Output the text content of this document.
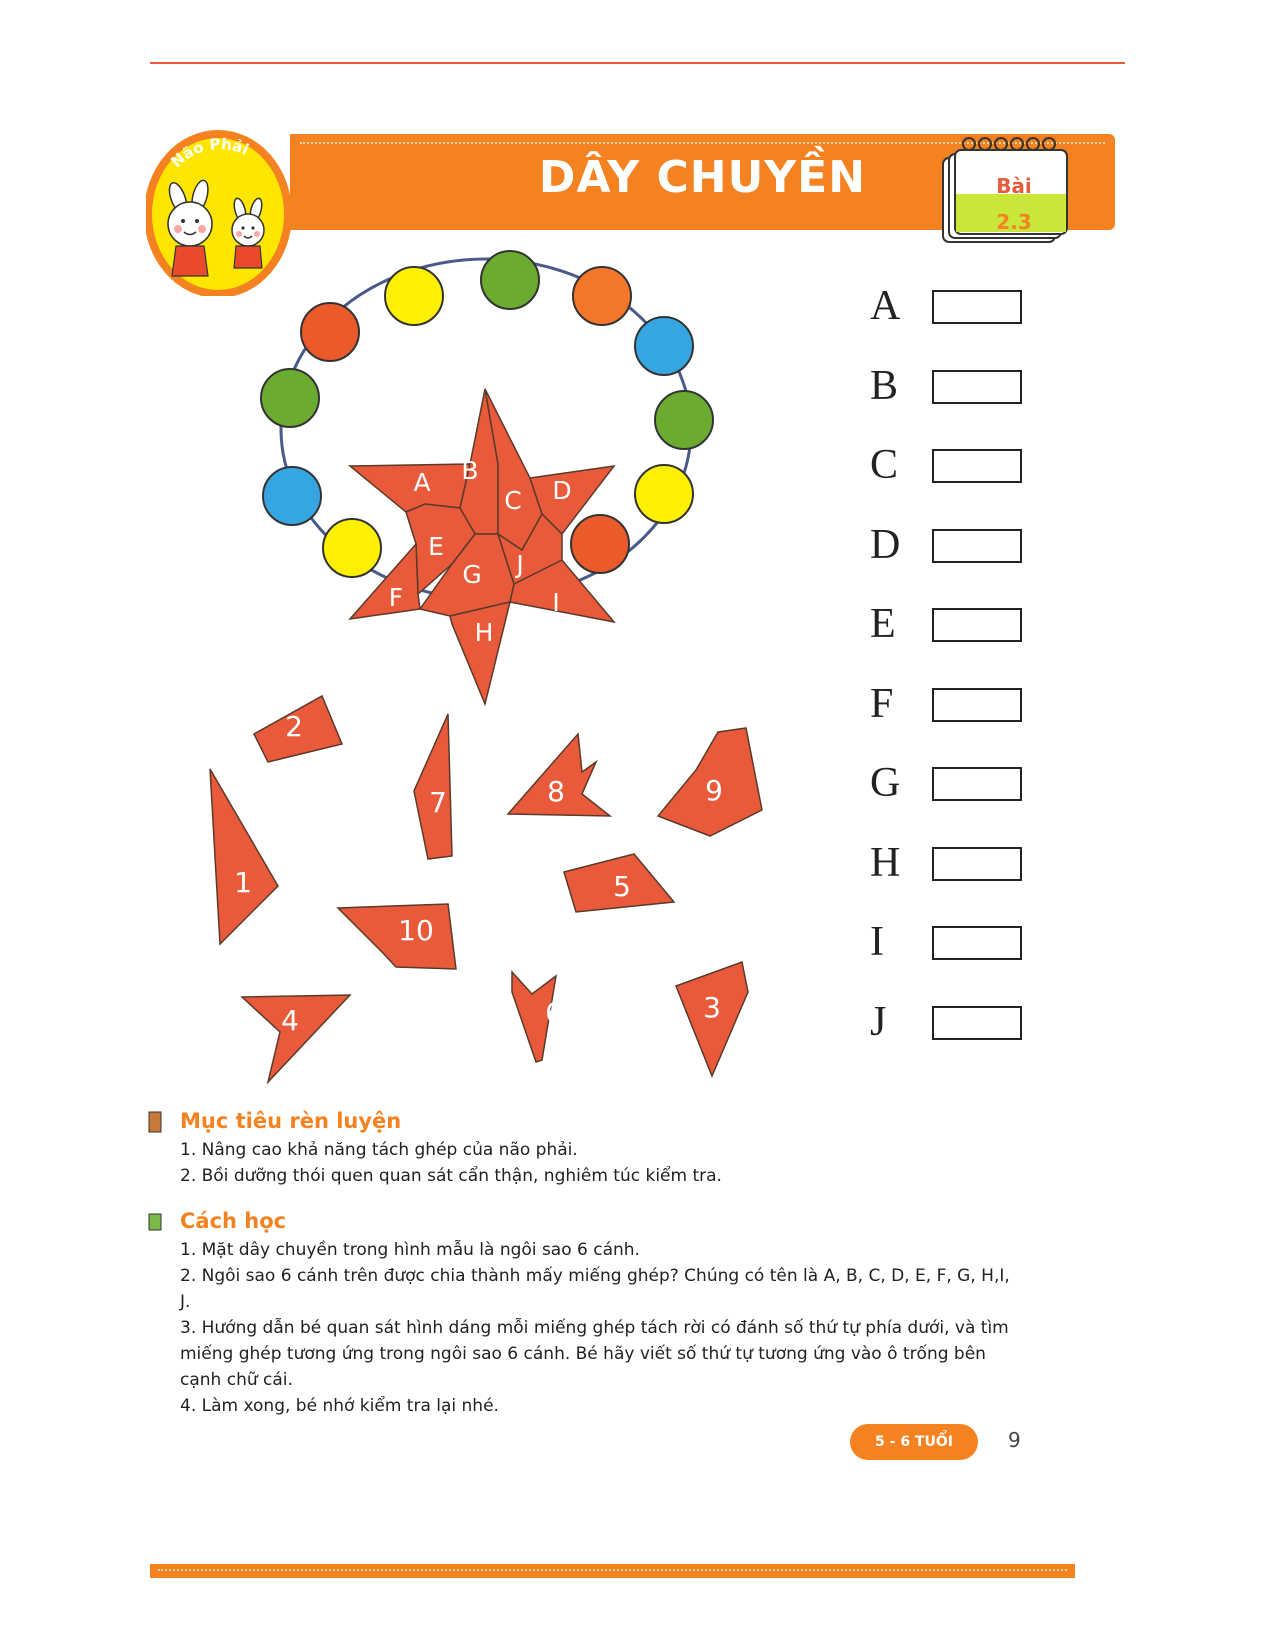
DÂY CHUYỀN
Não Phải
Bài
2.3
A B
C D
E
F
G
H
I
J
2
7	8	9
1	5
10
6
4	3
A
B
C
D
E
F
G
H
I
J
Mục tiêu rèn luyện

1. Nâng cao khả năng tách ghép của não phải.

2. Bồi dưỡng thói quen quan sát cẩn thận, nghiêm túc kiểm tra.

Cách học

1. Mặt dây chuyền trong hình mẫu là ngôi sao 6 cánh.

2. Ngôi sao 6 cánh trên được chia thành mấy miếng ghép? Chúng có tên là A, B, C, D, E, F, G, H,I, J.

3. Hướng dẫn bé quan sát hình dáng mỗi miếng ghép tách rời có đánh số thứ tự phía dưới, và tìm miếng ghép tương ứng trong ngôi sao 6 cánh. Bé hãy viết số thứ tự tương ứng vào ô trống bên cạnh chữ cái.

4. Làm xong, bé nhớ kiểm tra lại nhé.

5 - 6 TUỔI	9
